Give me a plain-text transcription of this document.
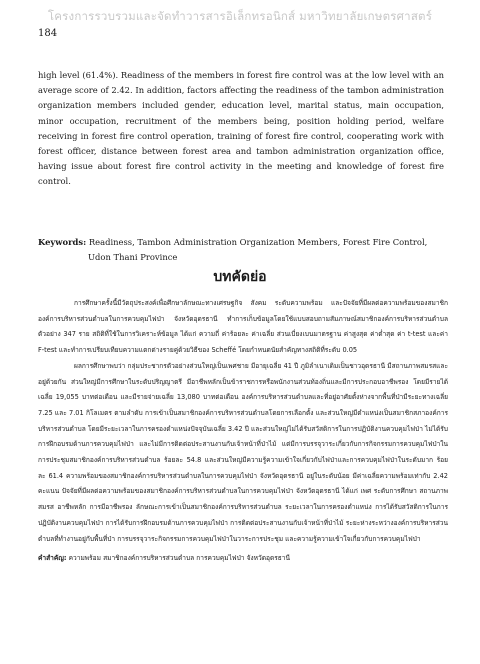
โครงการรวบรวมและจัดทำวารสารอิเล็กทรอนิกส์ มหาวิทยาลัยเกษตรศาสตร์
184

high level (61.4%). Readiness of the members in forest fire control was at the low level with an average score of 2.42. In addition, factors affecting the readiness of the tambon administration organization members included gender, education level, marital status, main occupation, minor occupation, recruitment of the members being, position holding period, welfare receiving in forest fire control operation, training of forest fire control, cooperating work with forest officer, distance between forest area and tambon administration organization office, having issue about forest fire control activity in the meeting and knowledge of forest fire control.

Keywords: Readiness, Tambon Administration Organization Members, Forest Fire Control,
Udon Thani Province
บทคัดย่อ

การศึกษาครั้งนี้มีวัตถุประสงค์เพื่อศึกษาลักษณะทางเศรษฐกิจ สังคม ระดับความพร้อม และปัจจัยที่มีผลต่อความพร้อมของสมาชิกองค์การบริหารส่วนตำบลในการควบคุมไฟป่า จังหวัดอุดรธานี ทำการเก็บข้อมูลโดยใช้แบบสอบถามสัมภาษณ์สมาชิกองค์การบริหารส่วนตำบลตัวอย่าง 347 ราย สถิติที่ใช้ในการวิเคราะห์ข้อมูล ได้แก่ ความถี่ ค่าร้อยละ ค่าเฉลี่ย ส่วนเบี่ยงเบนมาตรฐาน ค่าสูงสุด ค่าต่ำสุด ค่า t-test และค่า F-test และทำการเปรียบเทียบความแตกต่างรายคู่ด้วยวิธีของ Scheffé โดยกำหนดนัยสำคัญทางสถิติที่ระดับ 0.05

ผลการศึกษาพบว่า กลุ่มประชากรตัวอย่างส่วนใหญ่เป็นเพศชาย มีอายุเฉลี่ย 41 ปี ภูมิลำเนาเดิมเป็นชาวอุดรธานี มีสถานภาพสมรสและอยู่ด้วยกัน ส่วนใหญ่มีการศึกษาในระดับปริญญาตรี มีอาชีพหลักเป็นข้าราชการหรือพนักงานส่วนท้องถิ่นและมีการประกอบอาชีพรอง โดยมีรายได้เฉลี่ย 19,055 บาทต่อเดือน และมีรายจ่ายเฉลี่ย 13,080 บาทต่อเดือน องค์การบริหารส่วนตำบลและที่อยู่อาศัยตั้งห่างจากพื้นที่ป่ามีระยะทางเฉลี่ย 7.25 และ 7.01 กิโลเมตร ตามลำดับ การเข้าเป็นสมาชิกองค์การบริหารส่วนตำบลโดยการเลือกตั้ง และส่วนใหญ่มีตำแหน่งเป็นสมาชิกสภาองค์การบริหารส่วนตำบล โดยมีระยะเวลาในการครองตำแหน่งปัจจุบันเฉลี่ย 3.42 ปี และส่วนใหญ่ไม่ได้รับสวัสดิการในการปฏิบัติงานควบคุมไฟป่า ไม่ได้รับการฝึกอบรมด้านการควบคุมไฟป่า และไม่มีการติดต่อประสานงานกับเจ้าหน้าที่ป่าไม้ แต่มีการบรรจุวาระเกี่ยวกับการกิจกรรมการควบคุมไฟป่าในการประชุมสมาชิกองค์การบริหารส่วนตำบล ร้อยละ 54.8 และส่วนใหญ่มีความรู้ความเข้าใจเกี่ยวกับไฟป่าและการควบคุมไฟป่าในระดับมาก ร้อยละ 61.4 ความพร้อมของสมาชิกองค์การบริหารส่วนตำบลในการควบคุมไฟป่า จังหวัดอุดรธานี อยู่ในระดับน้อย มีค่าเฉลี่ยความพร้อมเท่ากับ 2.42 คะแนน ปัจจัยที่มีผลต่อความพร้อมของสมาชิกองค์การบริหารส่วนตำบลในการควบคุมไฟป่า จังหวัดอุดรธานี ได้แก่ เพศ ระดับการศึกษา สถานภาพสมรส อาชีพหลัก การมีอาชีพรอง ลักษณะการเข้าเป็นสมาชิกองค์การบริหารส่วนตำบล ระยะเวลาในการครองตำแหน่ง การได้รับสวัสดิการในการปฏิบัติงานควบคุมไฟป่า การได้รับการฝึกอบรมด้านการควบคุมไฟป่า การติดต่อประสานงานกับเจ้าหน้าที่ป่าไม้ ระยะห่างระหว่างองค์การบริหารส่วนตำบลที่ทำงานอยู่กับพื้นที่ป่า การบรรจุวาระกิจกรรมการควบคุมไฟป่าในวาระการประชุม และความรู้ความเข้าใจเกี่ยวกับการควบคุมไฟป่า

คำสำคัญ: ความพร้อม สมาชิกองค์การบริหารส่วนตำบล การควบคุมไฟป่า จังหวัดอุดรธานี
